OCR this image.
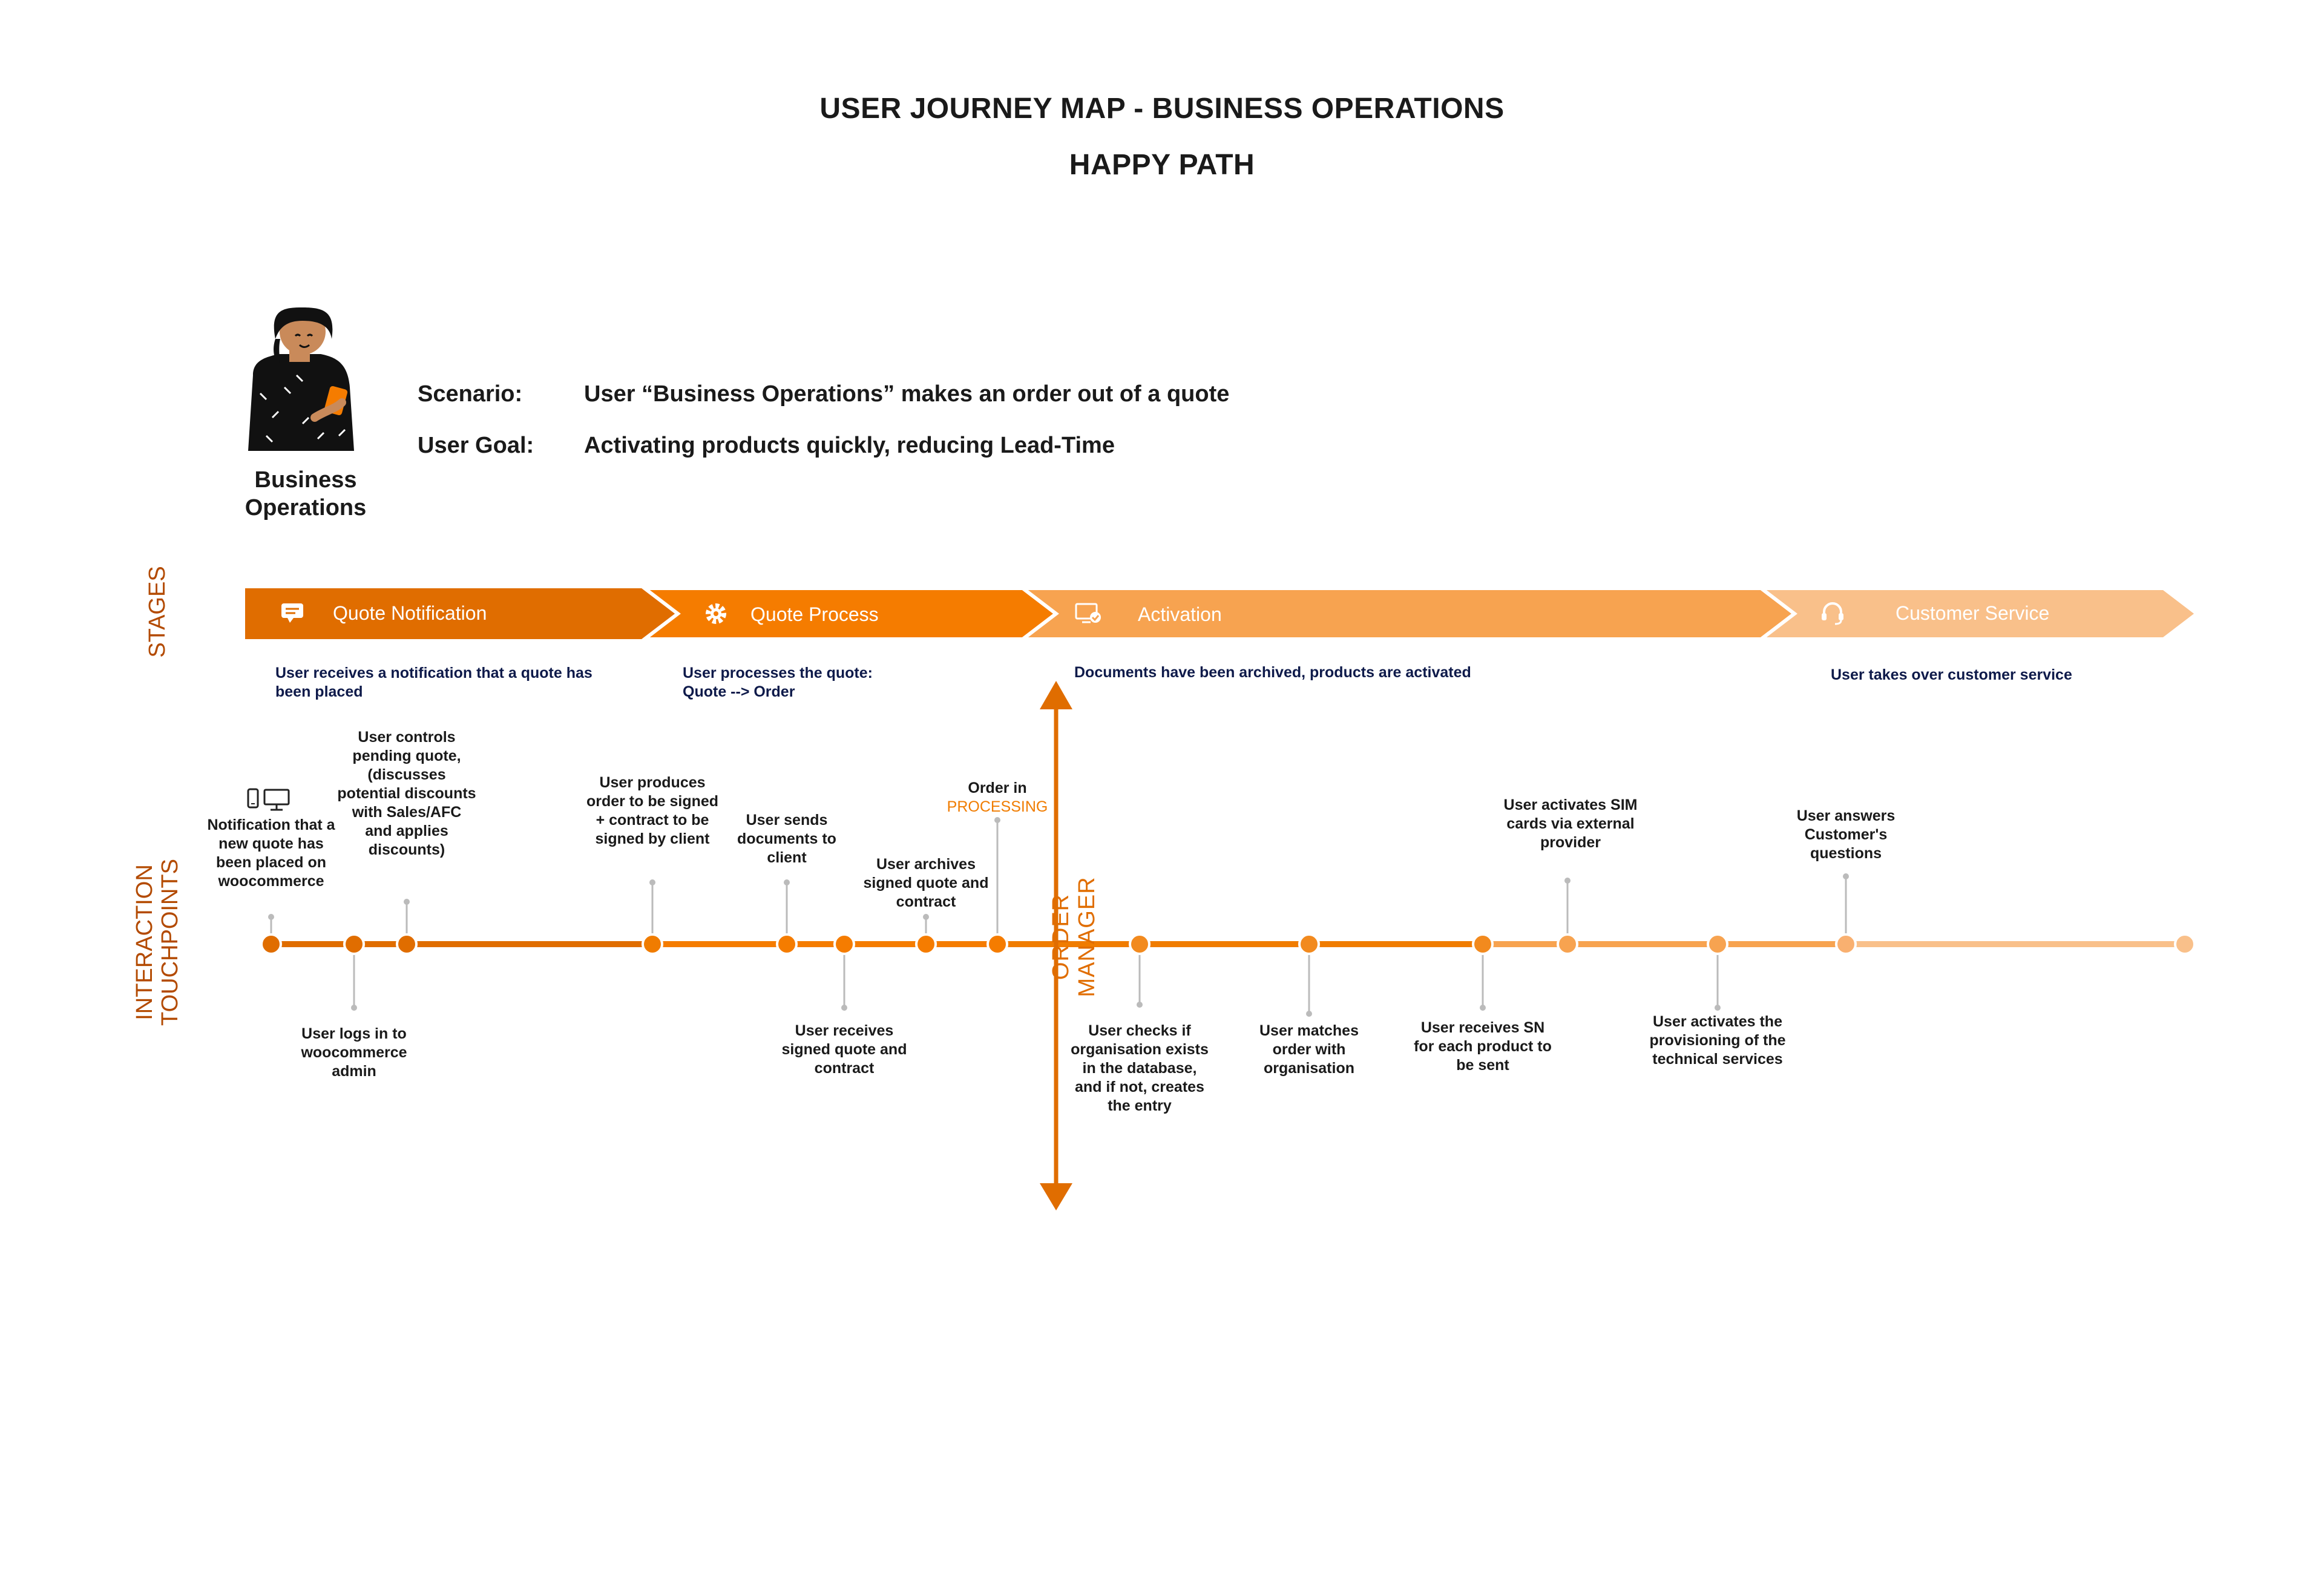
USER JOURNEY MAP - BUSINESS OPERATIONS
HAPPY PATH
Business Operations
Scenario:	User “Business Operations” makes an order out of a quote
User Goal: Activating products quickly, reducing Lead-Time
STAGES
INTERACTION TOUCHPOINTS
Quote Notification	Quote Process	Activation	Customer Service
User receives a notification that a quote has been placed
User processes the quote: Quote --> Order
Documents have been archived, products are activated	User takes over customer service
ORDER MANAGER
Notification that a new quote has been placed on woocommerce
User logs in to woocommerce admin
User controls pending quote, (discusses potential discounts with Sales/AFC and applies discounts)
User produces order to be signed + contract to be signed by client
User sends documents to client
User receives signed quote and contract
User archives signed quote and contract
Order in
PROCESSING
User checks if organisation exists in the database, and if not, creates the entry
User matches order with organisation
User receives SN for each product to be sent
User activates SIM cards via external provider
User activates the provisioning of the technical services
User answers Customer's questions
